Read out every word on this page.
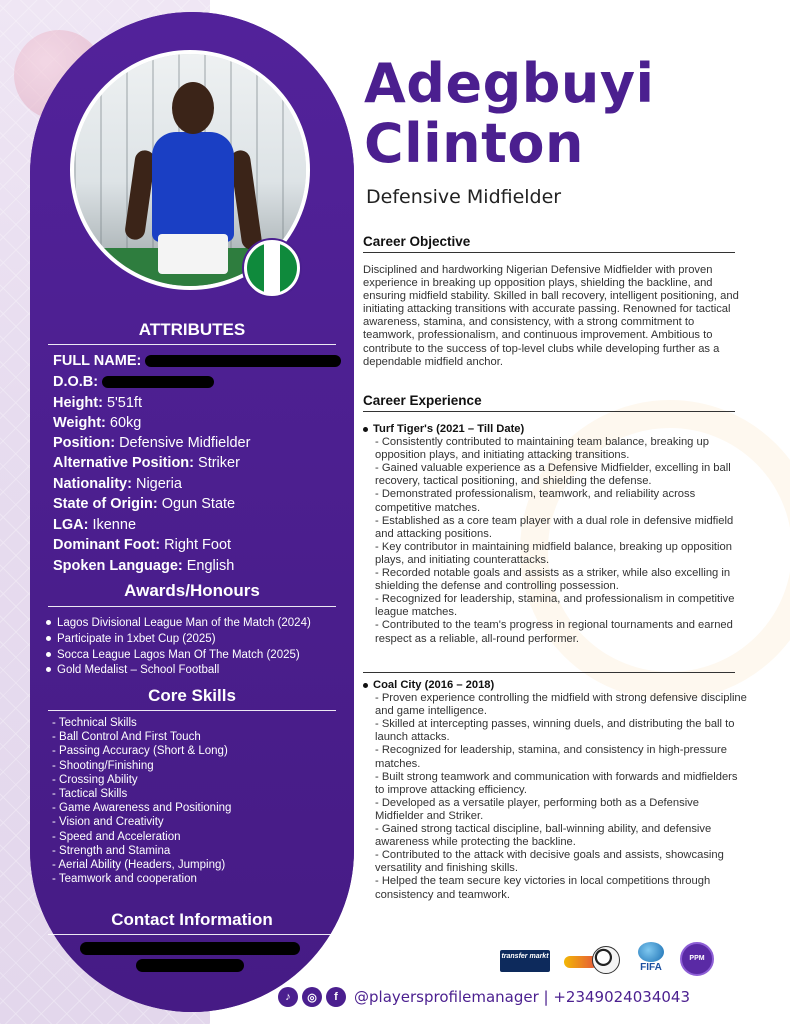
ATTRIBUTES
FULL NAME:
D.O.B:
Height: 5'51ft
Weight: 60kg
Position: Defensive Midfielder
Alternative Position: Striker
Nationality: Nigeria
State of Origin: Ogun State
LGA: Ikenne
Dominant Foot: Right Foot
Spoken Language: English
Awards/Honours
Lagos Divisional League Man of the Match (2024)
Participate in 1xbet Cup (2025)
Socca League Lagos Man Of The Match (2025)
Gold Medalist – School Football
Core Skills
- Technical Skills
- Ball Control And First Touch
- Passing Accuracy (Short & Long)
- Shooting/Finishing
- Crossing Ability
- Tactical Skills
- Game Awareness and Positioning
- Vision and Creativity
- Speed and Acceleration
- Strength and Stamina
- Aerial Ability (Headers, Jumping)
- Teamwork and cooperation
Contact Information
Adegbuyi
Clinton
Defensive Midfielder
Career Objective
Disciplined and hardworking Nigerian Defensive Midfielder with proven experience in breaking up opposition plays, shielding the backline, and ensuring midfield stability. Skilled in ball recovery, intelligent positioning, and initiating attacking transitions with accurate passing. Renowned for tactical awareness, stamina, and consistency, with a strong commitment to teamwork, professionalism, and continuous improvement. Ambitious to contribute to the success of top-level clubs while developing further as a dependable midfield anchor.
Career Experience
Turf Tiger's (2021 – Till Date)
- Consistently contributed to maintaining team balance, breaking up opposition plays, and initiating attacking transitions.
- Gained valuable experience as a Defensive Midfielder, excelling in ball recovery, tactical positioning, and shielding the defense.
- Demonstrated professionalism, teamwork, and reliability across competitive matches.
- Established as a core team player with a dual role in defensive midfield and attacking positions.
- Key contributor in maintaining midfield balance, breaking up opposition plays, and initiating counterattacks.
- Recorded notable goals and assists as a striker, while also excelling in shielding the defense and controlling possession.
- Recognized for leadership, stamina, and professionalism in competitive league matches.
- Contributed to the team's progress in regional tournaments and earned respect as a reliable, all-round performer.
Coal City (2016 – 2018)
- Proven experience controlling the midfield with strong defensive discipline and game intelligence.
- Skilled at intercepting passes, winning duels, and distributing the ball to launch attacks.
- Recognized for leadership, stamina, and consistency in high-pressure matches.
- Built strong teamwork and communication with forwards and midfielders to improve attacking efficiency.
- Developed as a versatile player, performing both as a Defensive Midfielder and Striker.
- Gained strong tactical discipline, ball-winning ability, and defensive awareness while protecting the backline.
- Contributed to the attack with decisive goals and assists, showcasing versatility and finishing skills.
- Helped the team secure key victories in local competitions through consistency and teamwork.
transfer markt
FIFA
PPM
♪	◎	f	@playersprofilemanager | +2349024034043
